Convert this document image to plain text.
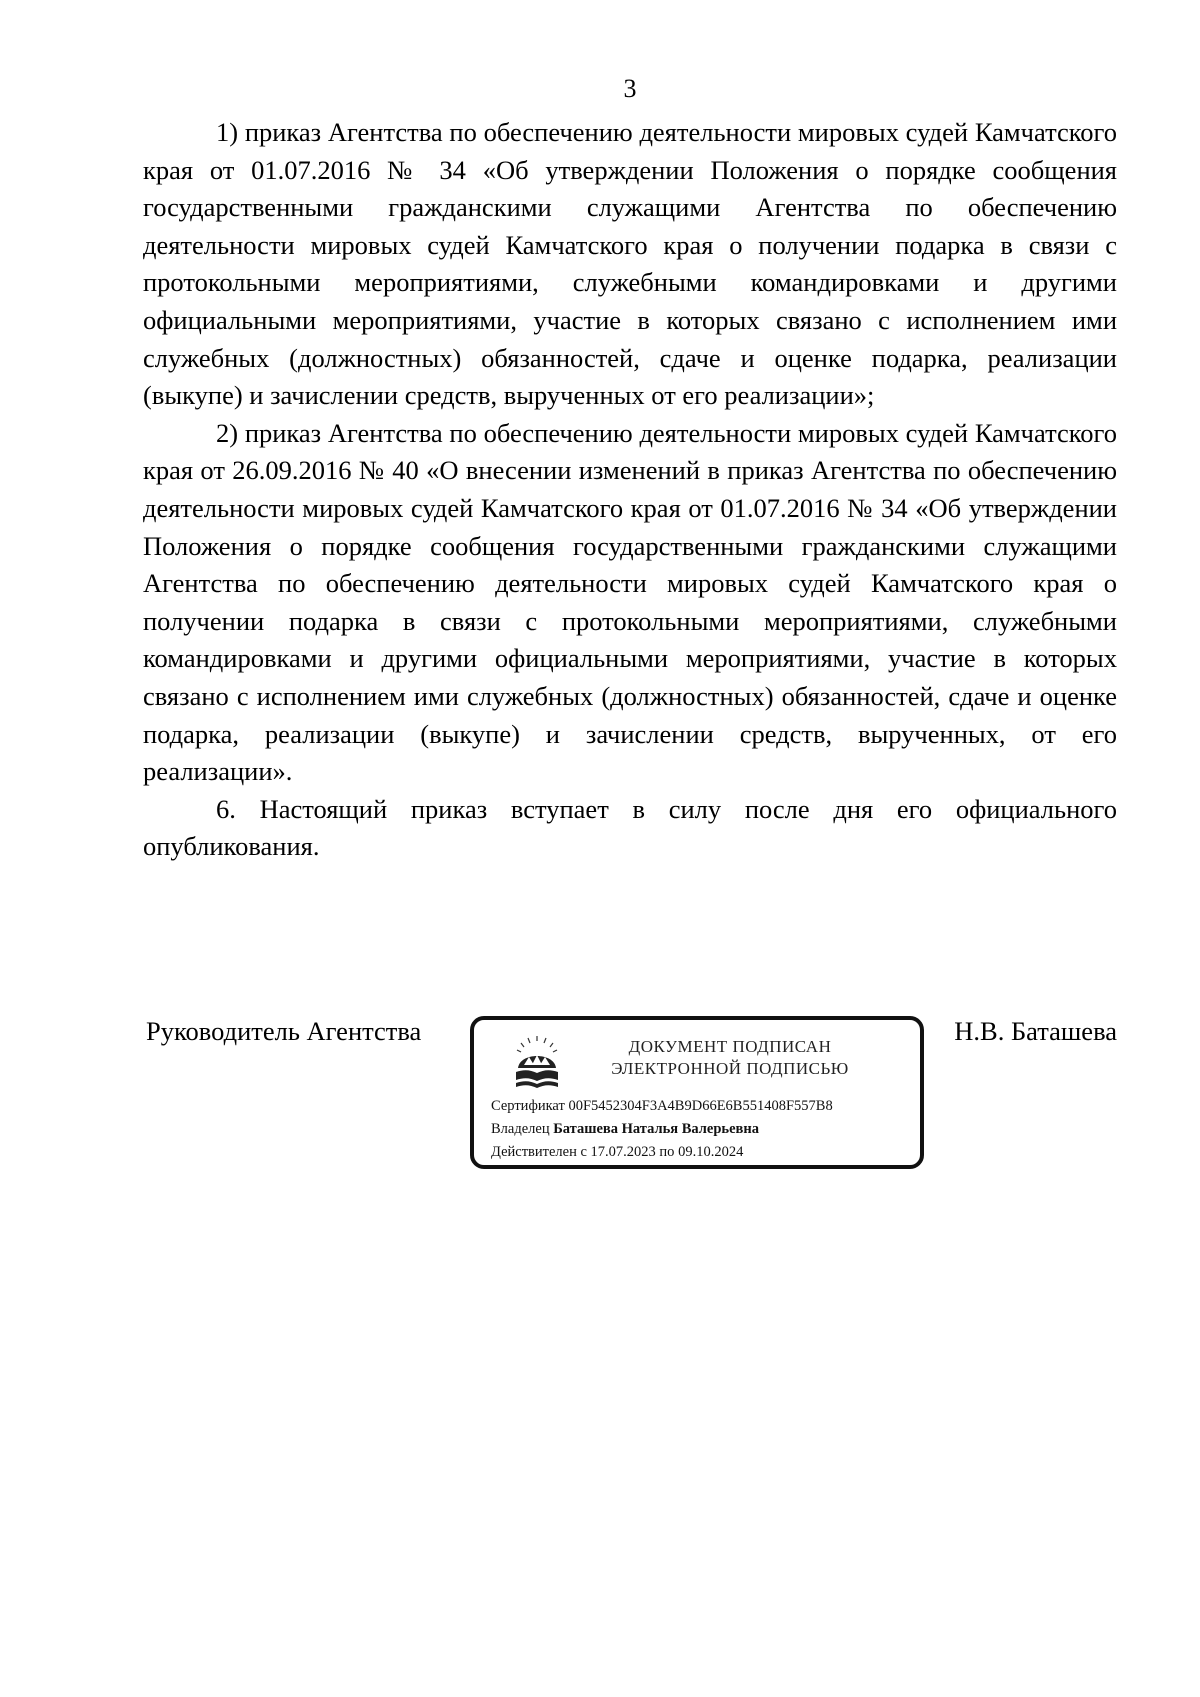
3

1) приказ Агентства по обеспечению деятельности мировых судей Камчатского края от 01.07.2016 № 34 «Об утверждении Положения о порядке сообщения государственными гражданскими служащими Агентства по обеспечению деятельности мировых судей Камчатского края о получении подарка в связи с протокольными мероприятиями, служебными командировками и другими официальными мероприятиями, участие в которых связано с исполнением ими служебных (должностных) обязанностей, сдаче и оценке подарка, реализации (выкупе) и зачислении средств, вырученных от его реализации»;

2) приказ Агентства по обеспечению деятельности мировых судей Камчатского края от 26.09.2016 № 40 «О внесении изменений в приказ Агентства по обеспечению деятельности мировых судей Камчатского края от 01.07.2016 № 34 «Об утверждении Положения о порядке сообщения государственными гражданскими служащими Агентства по обеспечению деятельности мировых судей Камчатского края о получении подарка в связи с протокольными мероприятиями, служебными командировками и другими официальными мероприятиями, участие в которых связано с исполнением ими служебных (должностных) обязанностей, сдаче и оценке подарка, реализации (выкупе) и зачислении средств, вырученных, от его реализации».

6. Настоящий приказ вступает в силу после дня его официального опубликования.

Руководитель Агентства	Н.В. Баташева
ДОКУМЕНТ ПОДПИСАН
ЭЛЕКТРОННОЙ ПОДПИСЬЮ
Сертификат 00F5452304F3A4B9D66E6B551408F557B8
Владелец Баташева Наталья Валерьевна
Действителен с 17.07.2023 по 09.10.2024
